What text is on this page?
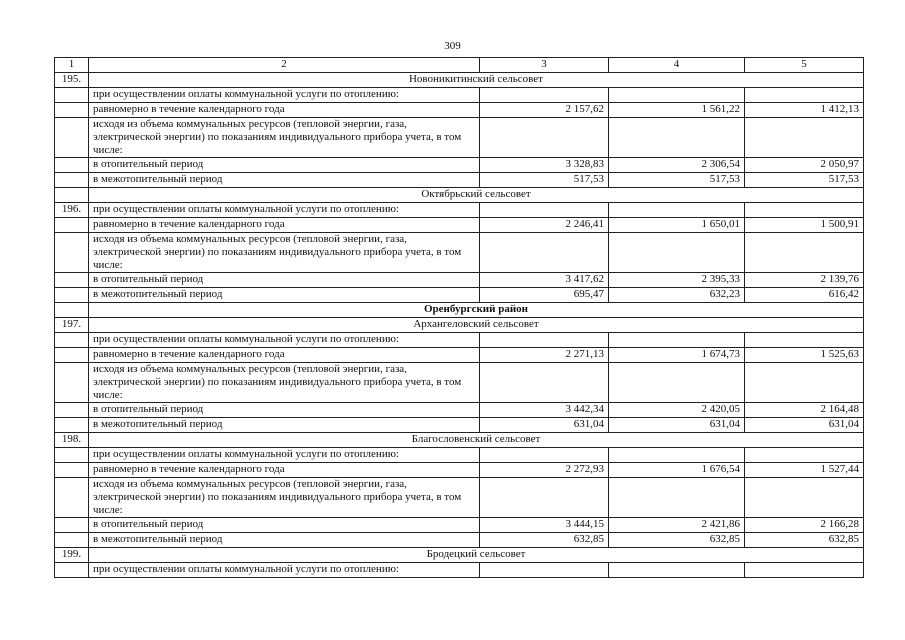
309
1	2	3	4	5
195.	Новоникитинский сельсовет			
	при осуществлении оплаты коммунальной услуги по отоплению:			
	равномерно в течение календарного года	2 157,62	1 561,22	1 412,13
	исходя из объема коммунальных ресурсов (тепловой энергии, газа, электрической энергии) по показаниям индивидуального прибора учета, в том числе:			
	в отопительный период	3 328,83	2 306,54	2 050,97
	в межотопительный период	517,53	517,53	517,53
	Октябрьский сельсовет			
196.	при осуществлении оплаты коммунальной услуги по отоплению:			
	равномерно в течение календарного года	2 246,41	1 650,01	1 500,91
	исходя из объема коммунальных ресурсов (тепловой энергии, газа, электрической энергии) по показаниям индивидуального прибора учета, в том числе:			
	в отопительный период	3 417,62	2 395,33	2 139,76
	в межотопительный период	695,47	632,23	616,42
	Оренбургский район			
197.	Архангеловский сельсовет			
	при осуществлении оплаты коммунальной услуги по отоплению:			
	равномерно в течение календарного года	2 271,13	1 674,73	1 525,63
	исходя из объема коммунальных ресурсов (тепловой энергии, газа, электрической энергии) по показаниям индивидуального прибора учета, в том числе:			
	в отопительный период	3 442,34	2 420,05	2 164,48
	в межотопительный период	631,04	631,04	631,04
198.	Благословенский сельсовет			
	при осуществлении оплаты коммунальной услуги по отоплению:			
	равномерно в течение календарного года	2 272,93	1 676,54	1 527,44
	исходя из объема коммунальных ресурсов (тепловой энергии, газа, электрической энергии) по показаниям индивидуального прибора учета, в том числе:			
	в отопительный период	3 444,15	2 421,86	2 166,28
	в межотопительный период	632,85	632,85	632,85
199.	Бродецкий сельсовет			
	при осуществлении оплаты коммунальной услуги по отоплению:			
